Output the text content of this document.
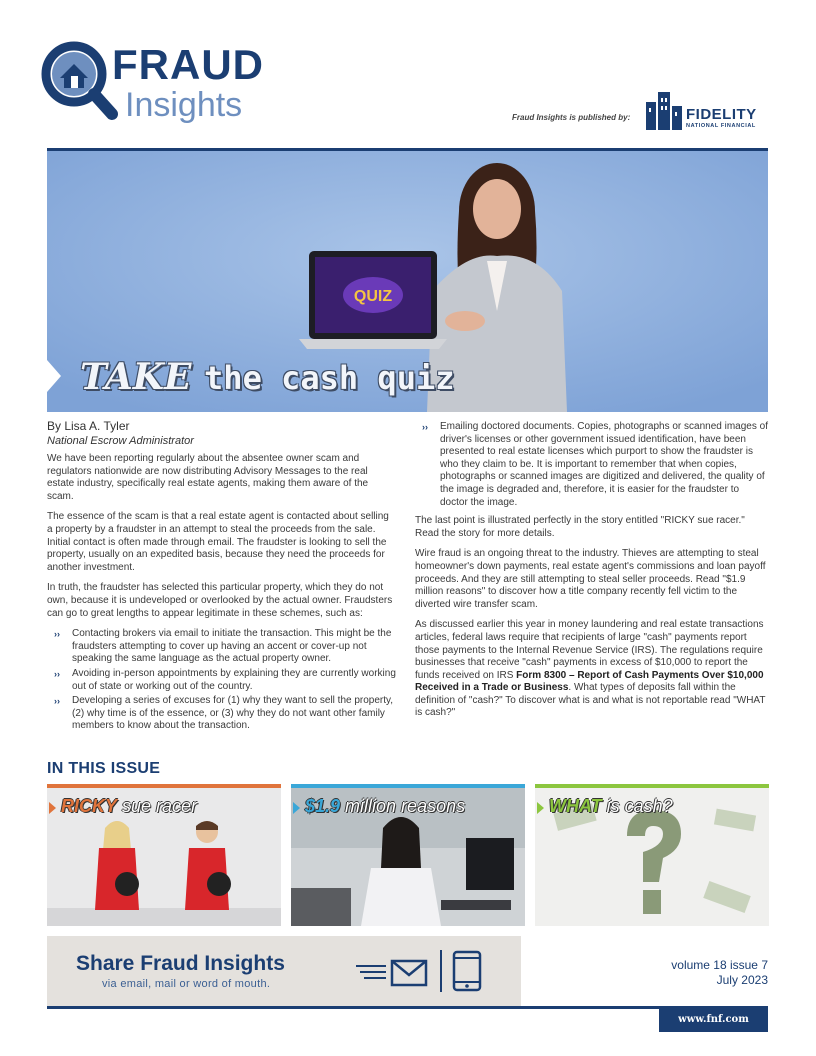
FRAUD
Insights	Fraud Insights is published by:	FIDELITY
NATIONAL FINANCIAL
QUIZ
TAKE the cash quiz
By Lisa A. Tyler
National Escrow Administrator

We have been reporting regularly about the absentee owner scam and regulators nationwide are now distributing Advisory Messages to the real estate industry, specifically real estate agents, making them aware of the scam.

The essence of the scam is that a real estate agent is contacted about selling a property by a fraudster in an attempt to steal the proceeds from the sale. Initial contact is often made through email. The fraudster is looking to sell the property, usually on an expedited basis, because they need the proceeds for another investment.

In truth, the fraudster has selected this particular property, which they do not own, because it is undeveloped or overlooked by the actual owner. Fraudsters can go to great lengths to appear legitimate in these schemes, such as:

›› Contacting brokers via email to initiate the transaction. This might be the fraudsters attempting to cover up having an accent or cover-up not speaking the same language as the actual property owner.
›› Avoiding in-person appointments by explaining they are currently working out of state or working out of the country.
›› Developing a series of excuses for (1) why they want to sell the property, (2) why time is of the essence, or (3) why they do not want other family members to know about the transaction.
›› Emailing doctored documents. Copies, photographs or scanned images of driver's licenses or other government issued identification, have been presented to real estate licenses which purport to show the fraudster is who they claim to be. It is important to remember that when copies, photographs or scanned images are digitized and delivered, the quality of the image is degraded and, therefore, it is easier for the fraudster to doctor the image.

The last point is illustrated perfectly in the story entitled "RICKY sue racer." Read the story for more details.

Wire fraud is an ongoing threat to the industry. Thieves are attempting to steal homeowner's down payments, real estate agent's commissions and loan payoff proceeds. And they are still attempting to steal seller proceeds. Read "$1.9 million reasons" to discover how a title company recently fell victim to the diverted wire transfer scam.

As discussed earlier this year in money laundering and real estate transactions articles, federal laws require that recipients of large "cash" payments report those payments to the Internal Revenue Service (IRS). The regulations require businesses that receive "cash" payments in excess of $10,000 to report the funds received on IRS Form 8300 – Report of Cash Payments Over $10,000 Received in a Trade or Business. What types of deposits fall within the definition of "cash?" To discover what is and what is not reportable read "WHAT is cash?"

IN THIS ISSUE
RICKY sue racer	$1.9 million reasons	WHAT is cash?
Share Fraud Insights
via email, mail or word of mouth.
volume 18 issue 7
July 2023
www.fnf.com
